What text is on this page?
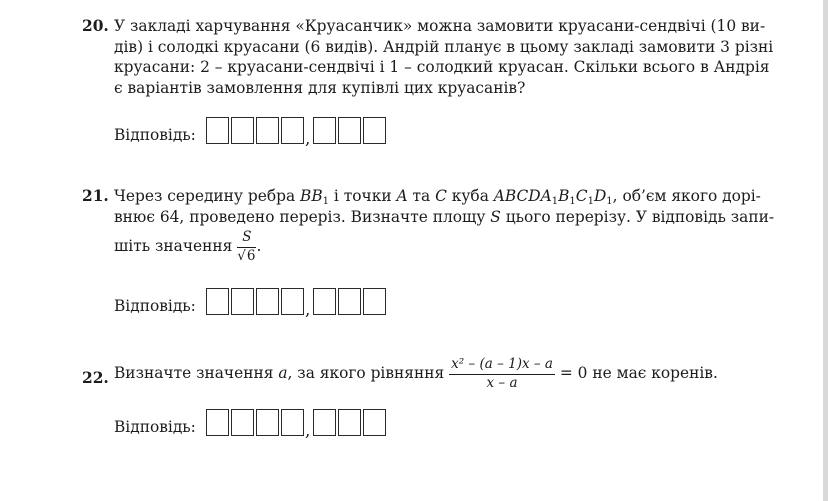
20. У закладі харчування «Круасанчик» можна замовити круасани-сендвічі (10 ви-
дів) і солодкі круасани (6 видів). Андрій планує в цьому закладі замовити 3 різні
круасани: 2 – круасани-сендвічі і 1 – солодкий круасан. Скільки всього в Андрія
є варіантів замовлення для купівлі цих круасанів?
Відповідь:	,
21. Через середину ребра $BB_1$ і точки A та C куба $ABCDA_1B_1C_1D_1$, об’єм якого дорі-
внює 64, проведено переріз. Визначте площу S цього перерізу. У відповідь запи-
шіть значення $\frac{S}{√6}$ .
Відповідь:	,
22. Визначте значення a, за якого рівняння $\frac{\text{x² – (a – 1)x – a}}{x - a} = 0$ не має коренів.
Відповідь:	,
